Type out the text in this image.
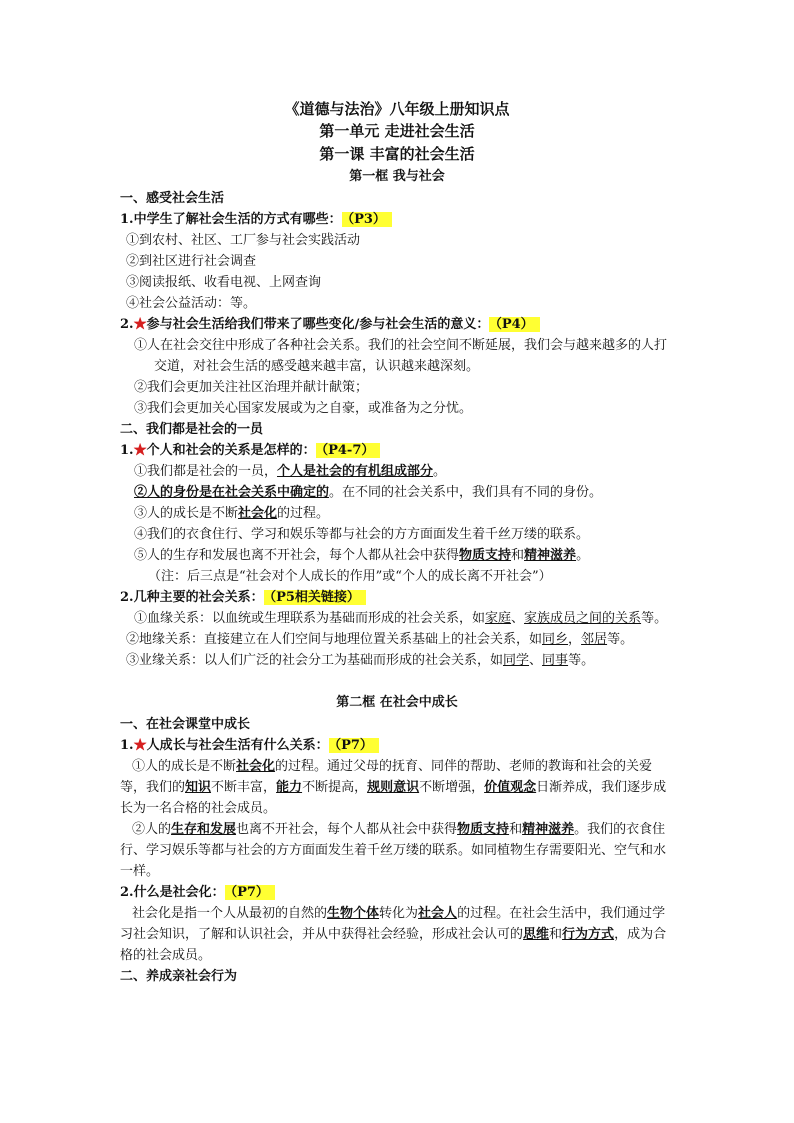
《道德与法治》八年级上册知识点

第一单元 走进社会生活

第一课 丰富的社会生活

第一框 我与社会

一、感受社会生活

1.中学生了解社会生活的方式有哪些： （P3）

①到农村、社区、工厂参与社会实践活动

②到社区进行社会调查

③阅读报纸、收看电视、上网查询

④社会公益活动：等。

2.★参与社会生活给我们带来了哪些变化/参与社会生活的意义： （P4）

①人在社会交往中形成了各种社会关系。我们的社会空间不断延展，我们会与越来越多的人打交道，对社会生活的感受越来越丰富，认识越来越深刻。

②我们会更加关注社区治理并献计献策；

③我们会更加关心国家发展或为之自豪，或准备为之分忧。

二、我们都是社会的一员

1.★个人和社会的关系是怎样的： （P4-7）

①我们都是社会的一员，个人是社会的有机组成部分。

②人的身份是在社会关系中确定的。在不同的社会关系中，我们具有不同的身份。

③人的成长是不断社会化的过程。

④我们的衣食住行、学习和娱乐等都与社会的方方面面发生着千丝万缕的联系。

⑤人的生存和发展也离不开社会，每个人都从社会中获得物质支持和精神滋养。

（注：后三点是“社会对个人成长的作用”或“个人的成长离不开社会”）

2.几种主要的社会关系： （P5相关链接）

①血缘关系：以血统或生理联系为基础而形成的社会关系，如家庭、家族成员之间的关系等。

②地缘关系：直接建立在人们空间与地理位置关系基础上的社会关系，如同乡，邻居等。

③业缘关系：以人们广泛的社会分工为基础而形成的社会关系，如同学、同事等。

第二框 在社会中成长

一、在社会课堂中成长

1.★人成长与社会生活有什么关系： （P7）

①人的成长是不断社会化的过程。通过父母的抚育、同伴的帮助、老师的教诲和社会的关爱等，我们的知识不断丰富，能力不断提高，规则意识不断增强，价值观念日渐养成，我们逐步成长为一名合格的社会成员。

②人的生存和发展也离不开社会，每个人都从社会中获得物质支持和精神滋养。我们的衣食住行、学习娱乐等都与社会的方方面面发生着千丝万缕的联系。如同植物生存需要阳光、空气和水一样。

2.什么是社会化： （P7）

社会化是指一个人从最初的自然的生物个体转化为社会人的过程。在社会生活中，我们通过学习社会知识，了解和认识社会，并从中获得社会经验，形成社会认可的思维和行为方式，成为合格的社会成员。

二、养成亲社会行为
